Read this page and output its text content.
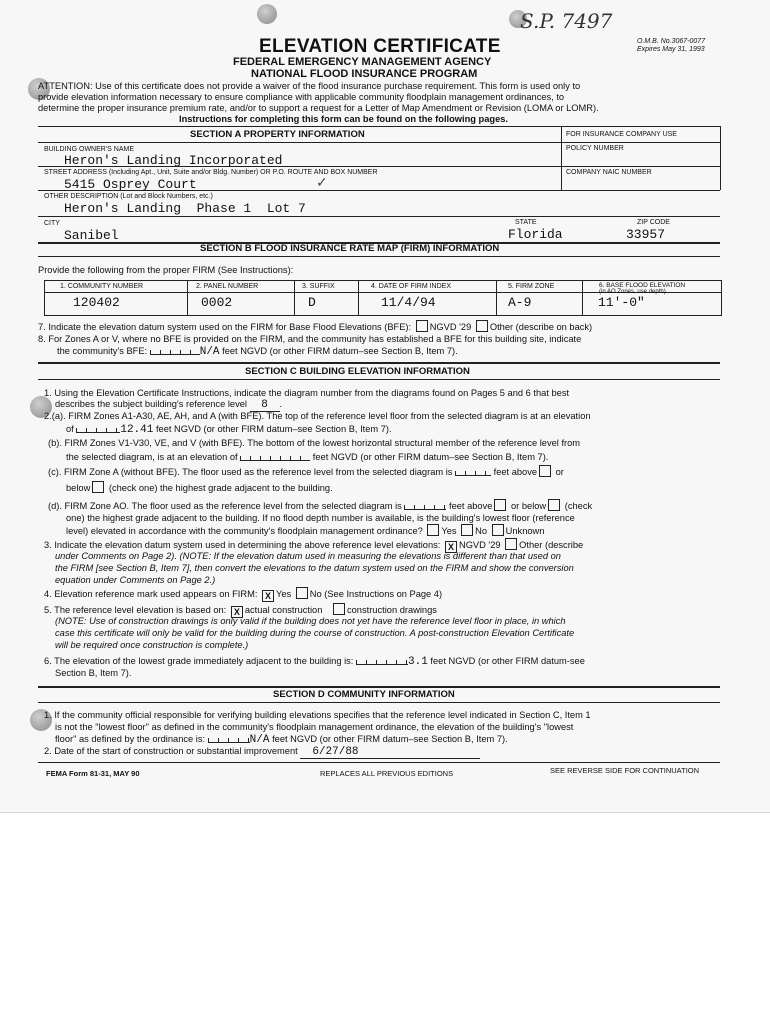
S.P. 7497
ELEVATION CERTIFICATE	O.M.B. No.3067-0077
Expires May 31, 1993
FEDERAL EMERGENCY MANAGEMENT AGENCY
NATIONAL FLOOD INSURANCE PROGRAM
ATTENTION: Use of this certificate does not provide a waiver of the flood insurance purchase requirement. This form is used only to
provide elevation information necessary to ensure compliance with applicable community floodplain management ordinances, to
determine the proper insurance premium rate, and/or to support a request for a Letter of Map Amendment or Revision (LOMA or LOMR).
Instructions for completing this form can be found on the following pages.
SECTION A PROPERTY INFORMATION	FOR INSURANCE COMPANY USE
POLICY NUMBER
BUILDING OWNER'S NAME
Heron's Landing Incorporated
STREET ADDRESS (Including Apt., Unit, Suite and/or Bldg. Number) OR P.O. ROUTE AND BOX NUMBER	COMPANY NAIC NUMBER
5415 Osprey Court	✓
OTHER DESCRIPTION (Lot and Block Numbers, etc.)
Heron's Landing  Phase 1  Lot 7
CITY	STATE	ZIP CODE
Sanibel	Florida	33957
SECTION B FLOOD INSURANCE RATE MAP (FIRM) INFORMATION
Provide the following from the proper FIRM (See Instructions):
1. COMMUNITY NUMBER	2. PANEL NUMBER	3. SUFFIX	4. DATE OF FIRM INDEX	5. FIRM ZONE	6. BASE FLOOD ELEVATION
(in AO Zones, use depth)
120402	0002	D	11/4/94	A-9	11'-0"
7. Indicate the elevation datum system used on the FIRM for Base Flood Elevations (BFE): NGVD '29 Other (describe on back)
8. For Zones A or V, where no BFE is provided on the FIRM, and the community has established a BFE for this building site, indicate
the community's BFE:	N/A feet NGVD (or other FIRM datum–see Section B, Item 7).
SECTION C BUILDING ELEVATION INFORMATION
1. Using the Elevation Certificate Instructions, indicate the diagram number from the diagrams found on Pages 5 and 6 that best
describes the subject building's reference level 8 .
2.(a). FIRM Zones A1-A30, AE, AH, and A (with BFE). The top of the reference level floor from the selected diagram is at an elevation
of	12.41 feet NGVD (or other FIRM datum–see Section B, Item 7).
(b). FIRM Zones V1-V30, VE, and V (with BFE). The bottom of the lowest horizontal structural member of the reference level from
the selected diagram, is at an elevation of	feet NGVD (or other FIRM datum–see Section B, Item 7).
(c). FIRM Zone A (without BFE). The floor used as the reference level from the selected diagram is	feet above or
below (check one) the highest grade adjacent to the building.
(d). FIRM Zone AO. The floor used as the reference level from the selected diagram is	feet above or below (check
one) the highest grade adjacent to the building. If no flood depth number is available, is the building's lowest floor (reference
level) elevated in accordance with the community's floodplain management ordinance? Yes No Unknown
3. Indicate the elevation datum system used in determining the above reference level elevations: X NGVD '29 Other (describe
under Comments on Page 2). (NOTE: If the elevation datum used in measuring the elevations is different than that used on
the FIRM [see Section B, Item 7], then convert the elevations to the datum system used on the FIRM and show the conversion
equation under Comments on Page 2.)
4. Elevation reference mark used appears on FIRM: X Yes No (See Instructions on Page 4)
5. The reference level elevation is based on: X actual construction	construction drawings
(NOTE: Use of construction drawings is only valid if the building does not yet have the reference level floor in place, in which
case this certificate will only be valid for the building during the course of construction. A post-construction Elevation Certificate
will be required once construction is complete.)
6. The elevation of the lowest grade immediately adjacent to the building is:	3.1 feet NGVD (or other FIRM datum-see
Section B, Item 7).
SECTION D COMMUNITY INFORMATION
1. If the community official responsible for verifying building elevations specifies that the reference level indicated in Section C, Item 1
is not the "lowest floor" as defined in the community's floodplain management ordinance, the elevation of the building's "lowest
floor" as defined by the ordinance is:	N/A feet NGVD (or other FIRM datum–see Section B, Item 7).
2. Date of the start of construction or substantial improvement 6/27/88
FEMA Form 81-31, MAY 90	REPLACES ALL PREVIOUS EDITIONS	SEE REVERSE SIDE FOR CONTINUATION
